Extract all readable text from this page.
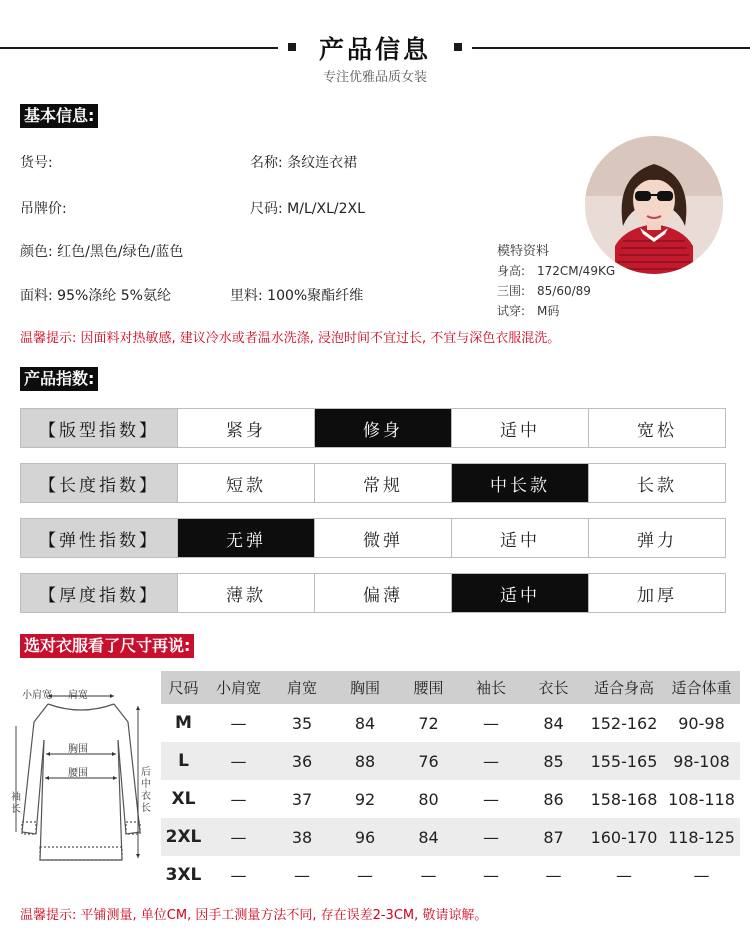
产品信息
专注优雅品质女装
基本信息:
货号:	名称: 条纹连衣裙
吊牌价:	尺码: M/L/XL/2XL
颜色: 红色/黑色/绿色/蓝色
面料: 95%涤纶 5%氨纶	里料: 100%聚酯纤维
温馨提示: 因面料对热敏感, 建议冷水或者温水洗涤, 浸泡时间不宜过长, 不宜与深色衣服混洗。
模特资料
身高: 172CM/49KG
三围: 85/60/89
试穿: M码
产品指数:
【版型指数】	紧身	修身	适中	宽松
【长度指数】	短款	常规	中长款	长款
【弹性指数】	无弹	微弹	适中	弹力
【厚度指数】	薄款	偏薄	适中	加厚
选对衣服看了尺寸再说:
小肩宽 肩宽
胸围
腰围
袖长
后中衣长
尺码	小肩宽	肩宽	胸围	腰围	袖长	衣长	适合身高	适合体重
M	—	35	84	72	—	84	152-162	90-98
L	—	36	88	76	—	85	155-165	98-108
XL	—	37	92	80	—	86	158-168	108-118
2XL	—	38	96	84	—	87	160-170	118-125
3XL	—	—	—	—	—	—	—	—
温馨提示: 平铺测量, 单位CM, 因手工测量方法不同, 存在误差2-3CM, 敬请谅解。
